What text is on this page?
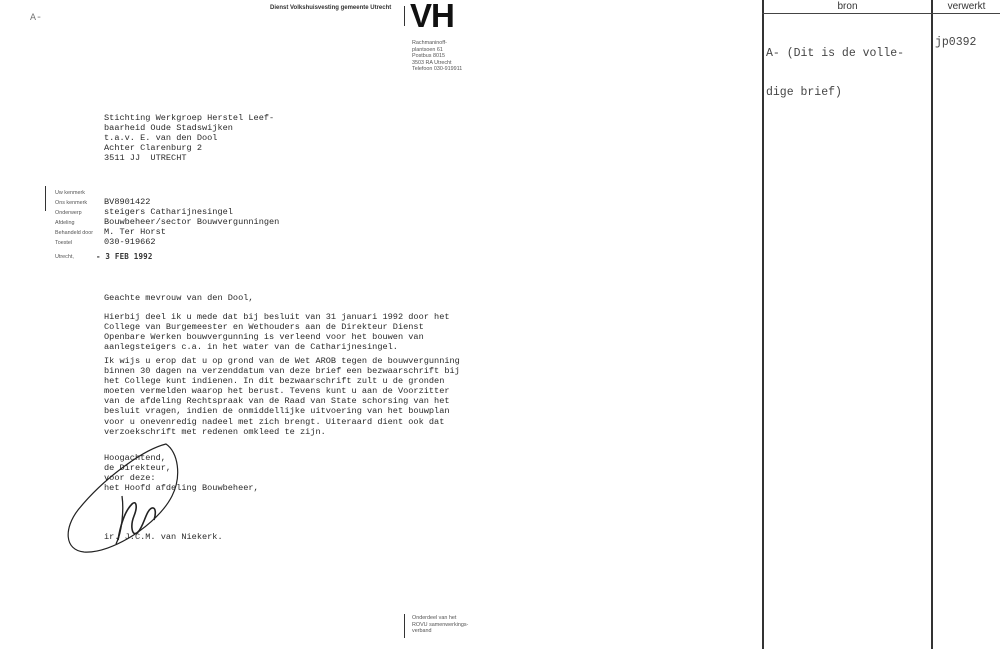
A-
Dienst Volkshuisvesting gemeente Utrecht VH
Rachmaninoff-
plantsoen 61
Postbus 8015
3503 RA Utrecht
Telefoon 030-919911
Stichting Werkgroep Herstel Leef-
baarheid Oude Stadswijken
t.a.v. E. van den Dool
Achter Clarenburg 2
3511 JJ  UTRECHT
Uw kenmerk
Ons kenmerk
Onderwerp
Afdeling
Behandeld door
Toestel
BV8901422
steigers Catharijnesingel
Bouwbeheer/sector Bouwvergunningen
M. Ter Horst
030-919662
Utrecht,	- 3 FEB 1992
Geachte mevrouw van den Dool,
Hierbij deel ik u mede dat bij besluit van 31 januari 1992 door het
College van Burgemeester en Wethouders aan de Direkteur Dienst
Openbare Werken bouwvergunning is verleend voor het bouwen van
aanlegsteigers c.a. in het water van de Catharijnesingel.
Ik wijs u erop dat u op grond van de Wet AROB tegen de bouwvergunning
binnen 30 dagen na verzenddatum van deze brief een bezwaarschrift bij
het College kunt indienen. In dit bezwaarschrift zult u de gronden
moeten vermelden waarop het berust. Tevens kunt u aan de Voorzitter
van de afdeling Rechtspraak van de Raad van State schorsing van het
besluit vragen, indien de onmiddellijke uitvoering van het bouwplan
voor u onevenredig nadeel met zich brengt. Uiteraard dient ook dat
verzoekschrift met redenen omkleed te zijn.
Hoogachtend,
de Direkteur,
voor deze:
het Hoofd afdeling Bouwbeheer,
ir. J.C.M. van Niekerk.
Onderdeel van het
ROVU samenwerkings-
verband
bron	verwerkt

A- (Dit is de volle-

dige brief)

jp0392
